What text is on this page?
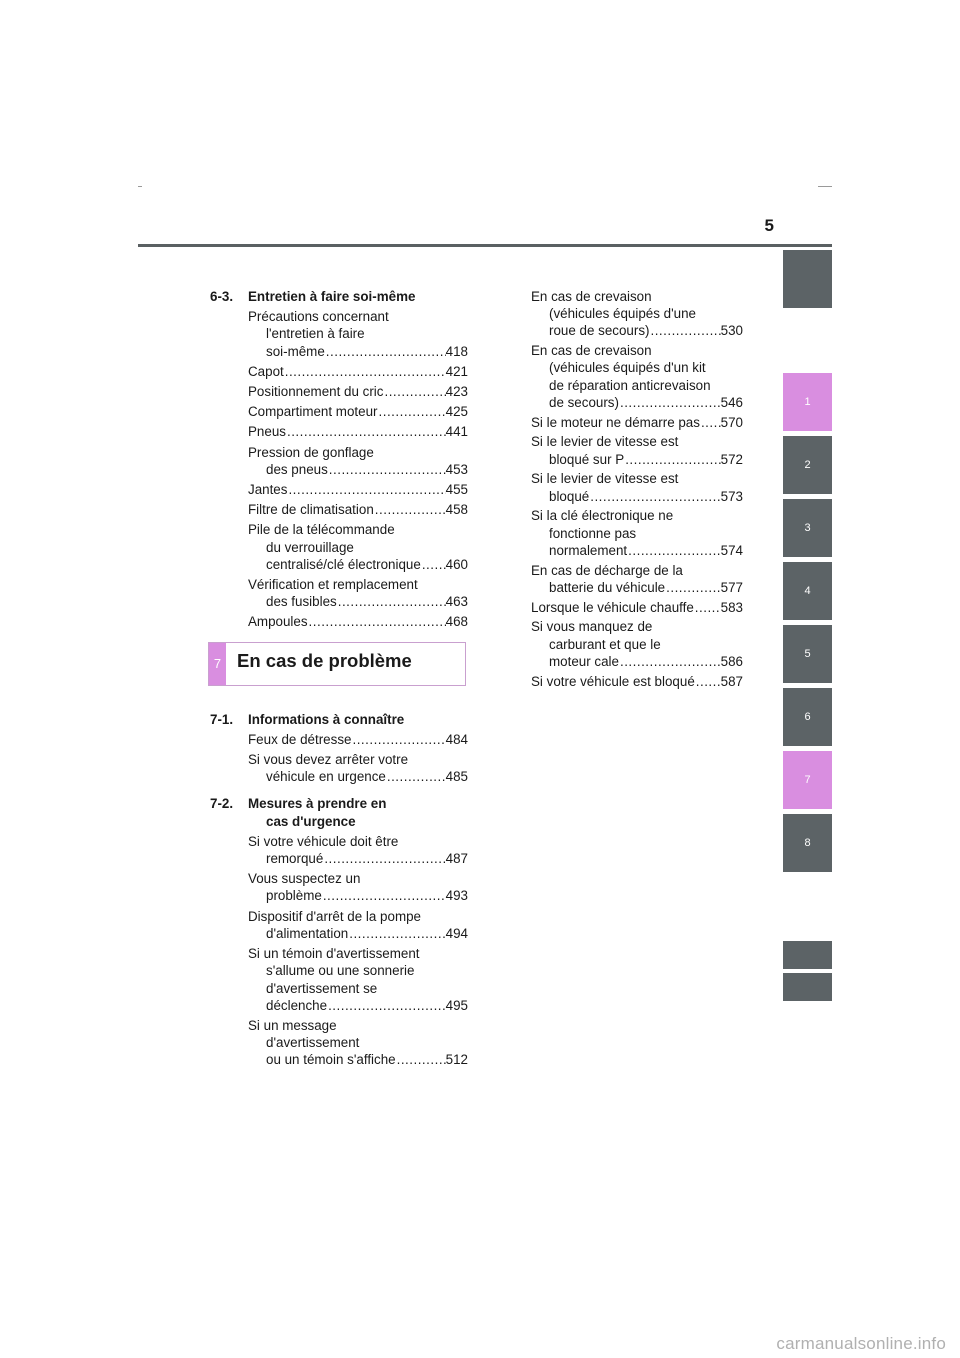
5
6-3. Entretien à faire soi-même
Précautions concernant
l'entretien à faire
soi-même .....	418
Capot .....	421
Positionnement du cric .....	423
Compartiment moteur .....	425
Pneus .....	441
Pression de gonflage
des pneus .....	453
Jantes .....	455
Filtre de climatisation .....	458
Pile de la télécommande
du verrouillage
centralisé/clé électronique ..... 460
Vérification et remplacement
des fusibles .....	463
Ampoules .....	468
7 En cas de problème
7-1. Informations à connaître
Feux de détresse .....	484
Si vous devez arrêter votre
véhicule en urgence .....	485
7-2. Mesures à prendre en
cas d'urgence
Si votre véhicule doit être
remorqué .....	487
Vous suspectez un
problème .....	493
Dispositif d'arrêt de la pompe
d'alimentation .....	494
Si un témoin d'avertissement
s'allume ou une sonnerie
d'avertissement se
déclenche .....	495
Si un message
d'avertissement
ou un témoin s'affiche .....	512
En cas de crevaison
(véhicules équipés d'une
roue de secours) .....	530
En cas de crevaison
(véhicules équipés d'un kit
de réparation anticrevaison
de secours) .....	546
Si le moteur ne démarre pas ..... 570
Si le levier de vitesse est
bloqué sur P .....	572
Si le levier de vitesse est
bloqué .....	573
Si la clé électronique ne
fonctionne pas
normalement .....	574
En cas de décharge de la
batterie du véhicule .....	577
Lorsque le véhicule chauffe ..... 583
Si vous manquez de
carburant et que le
moteur cale .....	586
Si votre véhicule est bloqué ..... 587
1
2
3
4
5
6
7
8
carmanualsonline.info
